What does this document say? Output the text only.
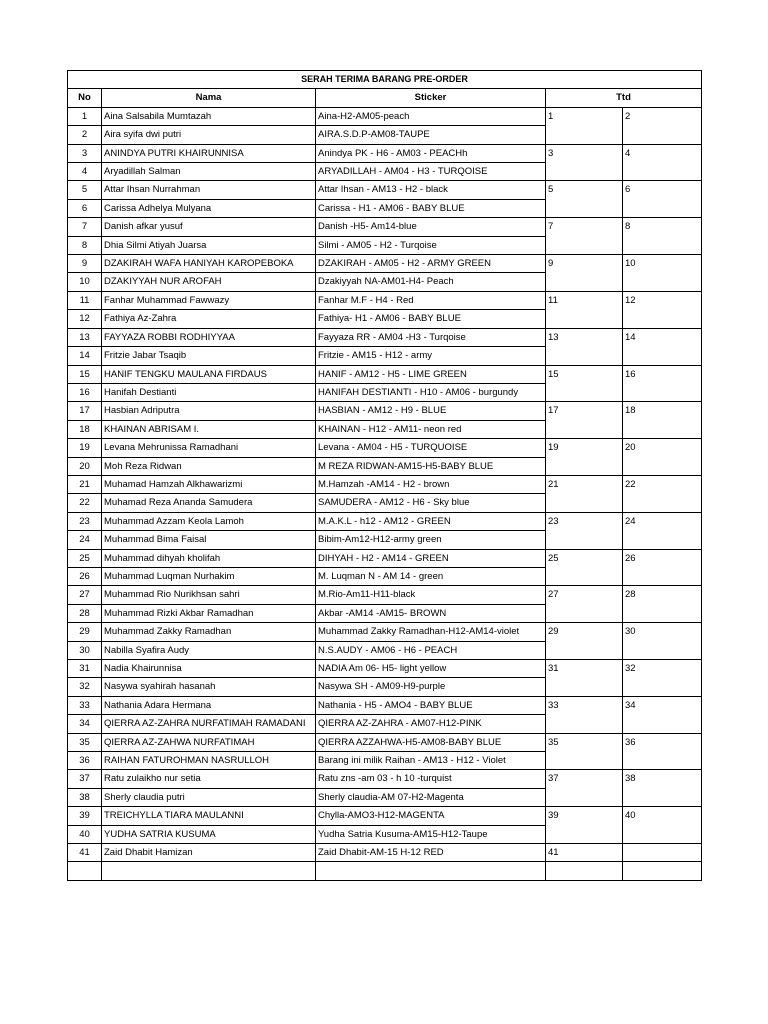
SERAH TERIMA BARANG PRE-ORDER				
No	Nama	Sticker	Ttd	
1	Aina Salsabila Mumtazah	Aina-H2-AM05-peach	1	2
2	Aira syifa dwi putri	AIRA.S.D.P-AM08-TAUPE		
3	ANINDYA PUTRI KHAIRUNNISA	Anindya PK - H6 - AM03 - PEACHh	3	4
4	Aryadillah Salman	ARYADILLAH - AM04 - H3 - TURQOISE		
5	Attar Ihsan Nurrahman	Attar Ihsan - AM13 - H2 - black	5	6
6	Carissa Adhelya Mulyana	Carissa - H1 - AM06 - BABY BLUE		
7	Danish afkar yusuf	Danish -H5- Am14-blue	7	8
8	Dhia Silmi Atiyah Juarsa	Silmi - AM05 - H2 - Turqoise		
9	DZAKIRAH WAFA HANIYAH KAROPEBOKA	DZAKIRAH - AM05 - H2 - ARMY GREEN	9	10
10	DZAKIYYAH NUR AROFAH	Dzakiyyah NA-AM01-H4- Peach		
11	Fanhar Muhammad Fawwazy	Fanhar M.F - H4 - Red	11	12
12	Fathiya Az-Zahra	Fathiya- H1 - AM06 - BABY BLUE		
13	FAYYAZA ROBBI RODHIYYAA	Fayyaza RR - AM04 -H3 - Turqoise	13	14
14	Fritzie Jabar Tsaqib	Fritzie - AM15 - H12 - army		
15	HANIF TENGKU MAULANA FIRDAUS	HANIF - AM12 - H5 - LIME GREEN	15	16
16	Hanifah Destianti	HANIFAH DESTIANTI - H10 - AM06 - burgundy		
17	Hasbian Adriputra	HASBIAN - AM12 - H9 - BLUE	17	18
18	KHAINAN ABRISAM I.	KHAINAN - H12 - AM11- neon red		
19	Levana Mehrunissa Ramadhani	Levana - AM04 - H5 - TURQUOISE	19	20
20	Moh Reza Ridwan	M REZA RIDWAN-AM15-H5-BABY BLUE		
21	Muhamad Hamzah Alkhawarizmi	M.Hamzah -AM14 - H2 - brown	21	22
22	Muhamad Reza Ananda Samudera	SAMUDERA - AM12 - H6 - Sky blue		
23	Muhammad Azzam Keola Lamoh	M.A.K.L - h12 - AM12 - GREEN	23	24
24	Muhammad Bima Faisal	Bibim-Am12-H12-army green		
25	Muhammad dihyah kholifah	DIHYAH - H2 - AM14 - GREEN	25	26
26	Muhammad Luqman Nurhakim	M. Luqman N - AM 14 - green		
27	Muhammad Rio Nurikhsan sahri	M.Rio-Am11-H11-black	27	28
28	Muhammad Rizki Akbar Ramadhan	Akbar -AM14 -AM15- BROWN		
29	Muhammad Zakky Ramadhan	Muhammad Zakky Ramadhan-H12-AM14-violet	29	30
30	Nabilla Syafira Audy	N.S.AUDY - AM06 - H6 - PEACH		
31	Nadia Khairunnisa	NADIA Am 06- H5- light yellow	31	32
32	Nasywa syahirah hasanah	Nasywa SH - AM09-H9-purple		
33	Nathania Adara Hermana	Nathania - H5 - AMO4 - BABY BLUE	33	34
34	QIERRA AZ-ZAHRA NURFATIMAH RAMADANI	QIERRA AZ-ZAHRA - AM07-H12-PINK		
35	QIERRA AZ-ZAHWA NURFATIMAH	QIERRA AZZAHWA-H5-AM08-BABY BLUE	35	36
36	RAIHAN FATUROHMAN NASRULLOH	Barang ini milik Raihan - AM13 - H12 - Violet		
37	Ratu zulaikho nur setia	Ratu zns -am 03 - h 10 -turquist	37	38
38	Sherly claudia putri	Sherly claudia-AM 07-H2-Magenta		
39	TREICHYLLA TIARA MAULANNI	Chylla-AMO3-H12-MAGENTA	39	40
40	YUDHA SATRIA KUSUMA	Yudha Satria Kusuma-AM15-H12-Taupe		
41	Zaid Dhabit Hamizan	Zaid Dhabit-AM-15 H-12 RED	41	
